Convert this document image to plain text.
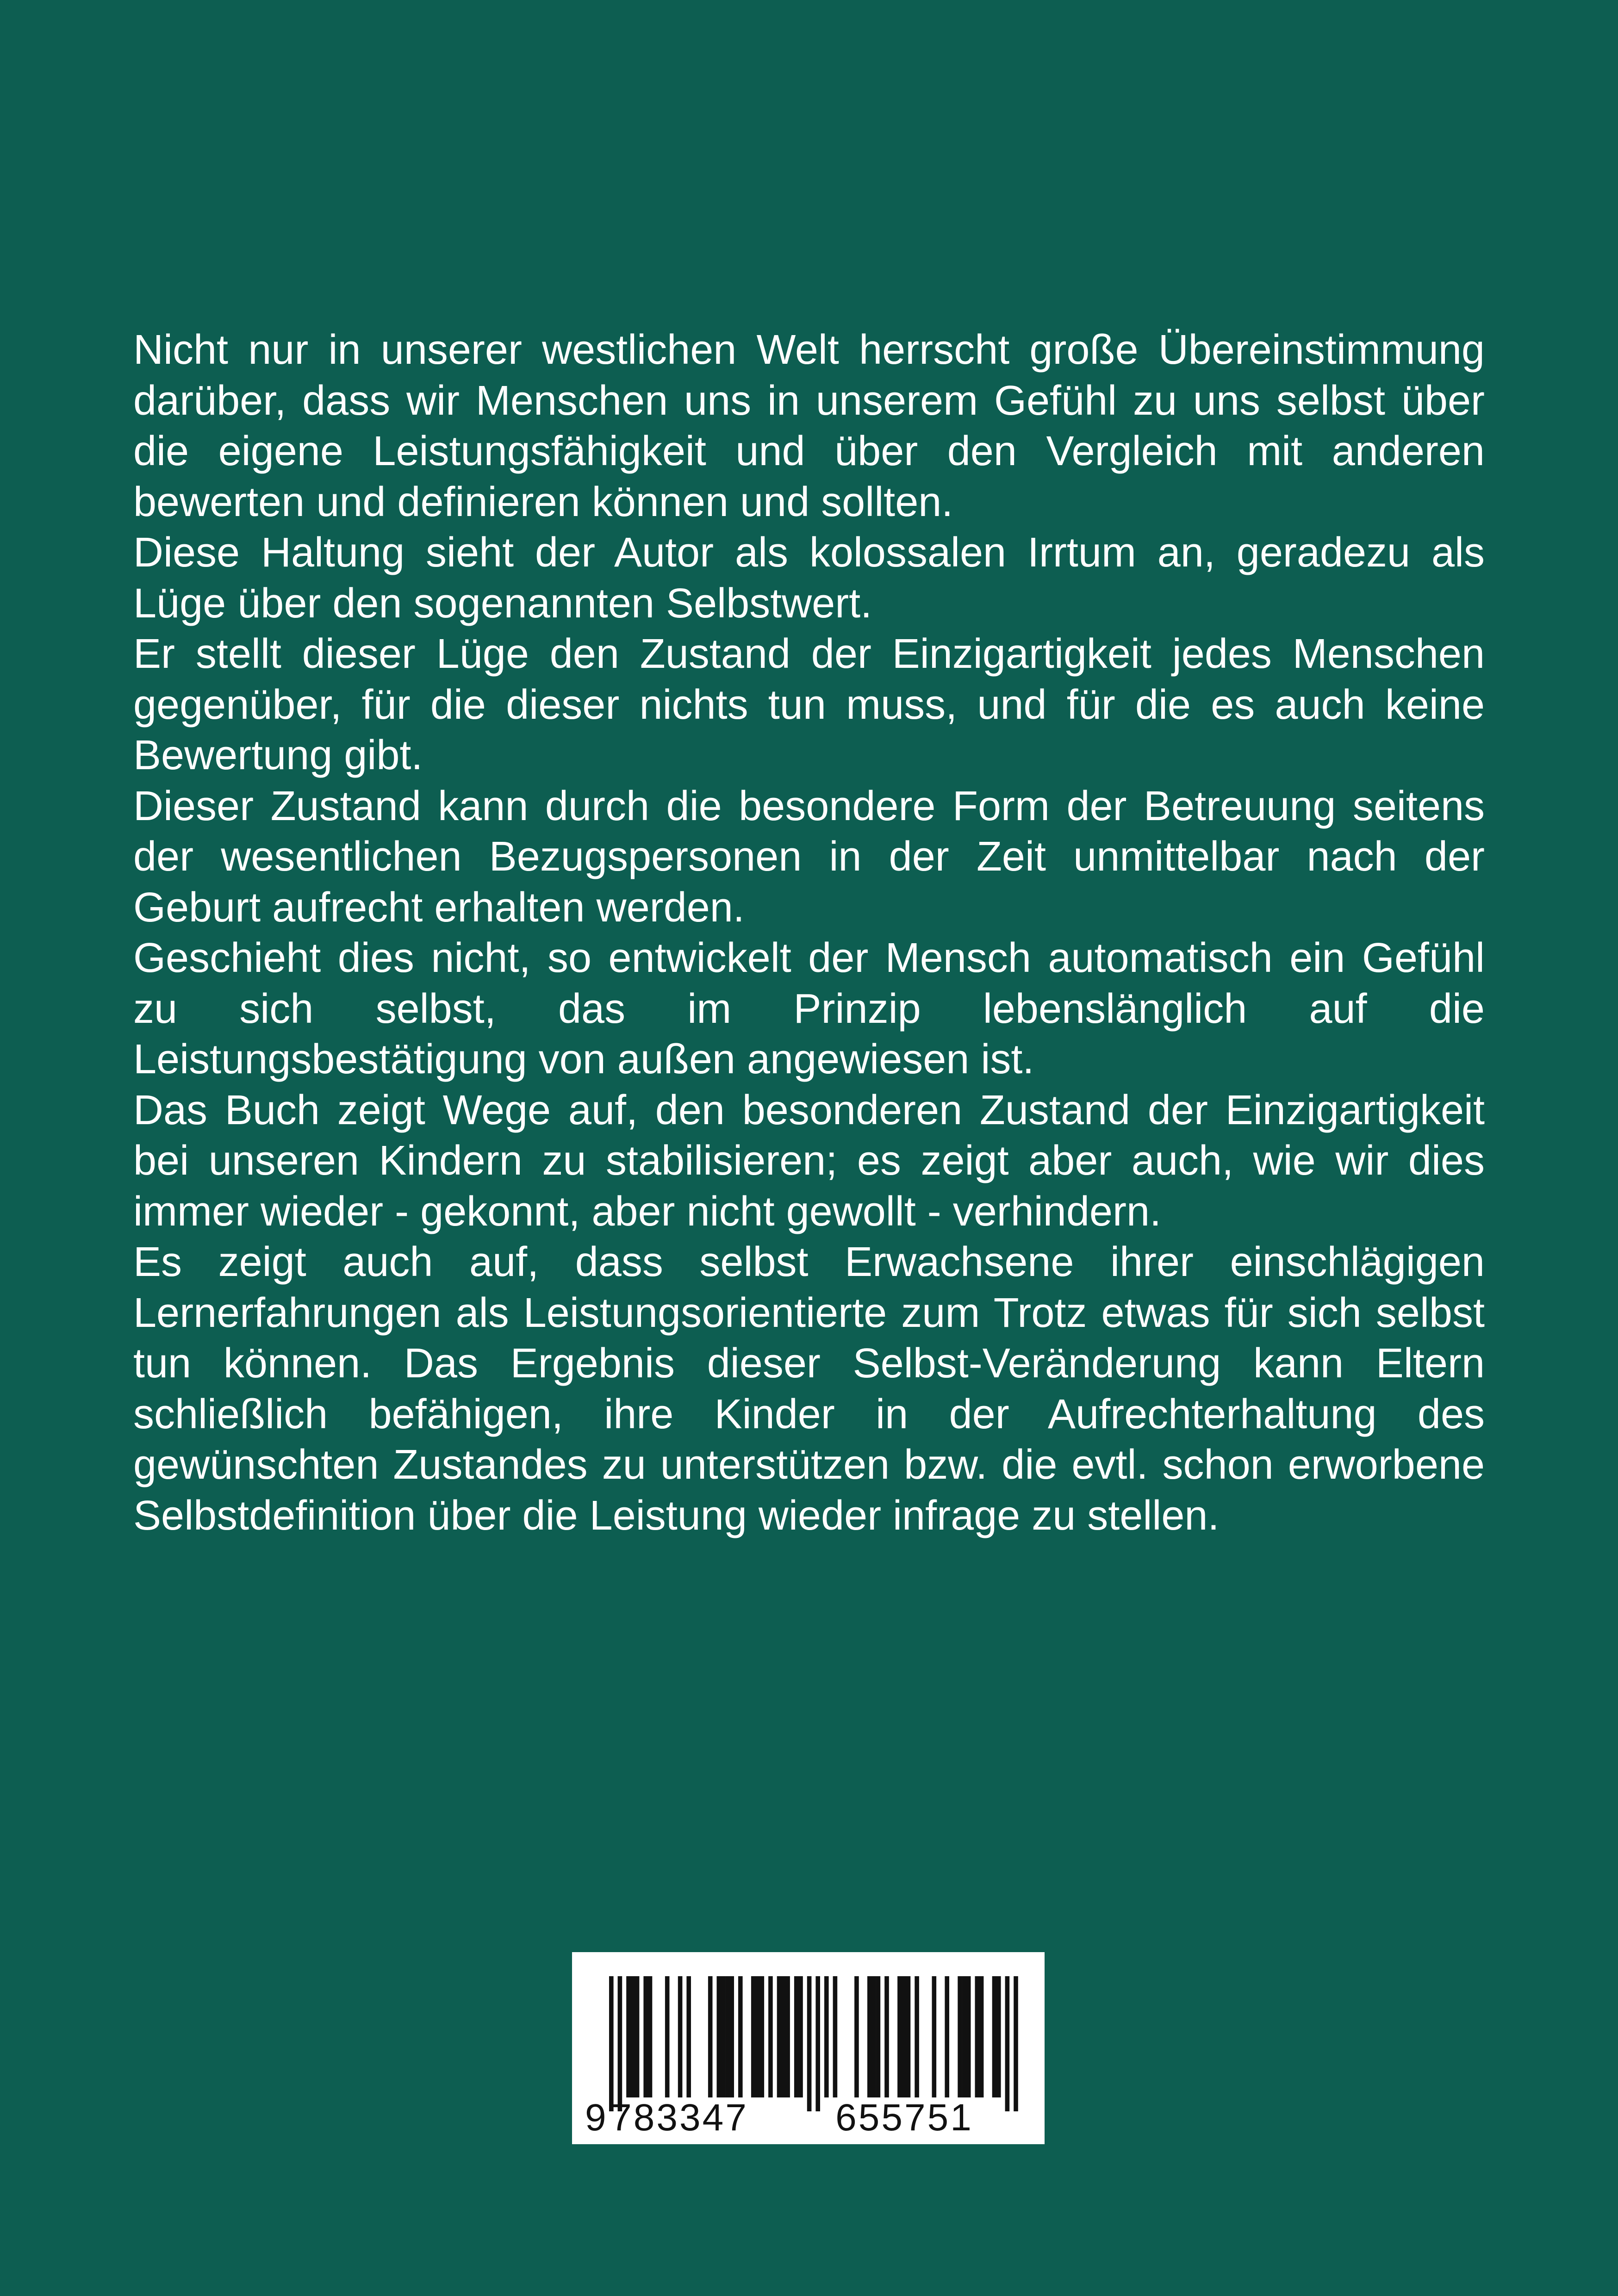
Nicht nur in unserer westlichen Welt herrscht große Übereinstimmung darüber, dass wir Menschen uns in unserem Gefühl zu uns selbst über die eigene Leistungsfähigkeit und über den Vergleich mit anderen bewerten und definieren können und sollten.

Diese Haltung sieht der Autor als kolossalen Irrtum an, geradezu als Lüge über den sogenannten Selbstwert.

Er stellt dieser Lüge den Zustand der Einzigartigkeit jedes Menschen gegenüber, für die dieser nichts tun muss, und für die es auch keine Bewertung gibt.

Dieser Zustand kann durch die besondere Form der Betreuung seitens der wesentlichen Bezugspersonen in der Zeit unmittelbar nach der Geburt aufrecht erhalten werden.

Geschieht dies nicht, so entwickelt der Mensch automatisch ein Gefühl zu sich selbst, das im Prinzip lebenslänglich auf die Leistungsbestätigung von außen angewiesen ist.

Das Buch zeigt Wege auf, den besonderen Zustand der Einzigartigkeit bei unseren Kindern zu stabilisieren; es zeigt aber auch, wie wir dies immer wieder - gekonnt, aber nicht gewollt - verhindern.

Es zeigt auch auf, dass selbst Erwachsene ihrer einschlägigen Lernerfahrungen als Leistungsorientierte zum Trotz etwas für sich selbst tun können. Das Ergebnis dieser Selbst-Veränderung kann Eltern schließlich befähigen, ihre Kinder in der Aufrechterhaltung des gewünschten Zustandes zu unterstützen bzw. die evtl. schon erworbene Selbstdefinition über die Leistung wieder infrage zu stellen.

9 783347 655751
